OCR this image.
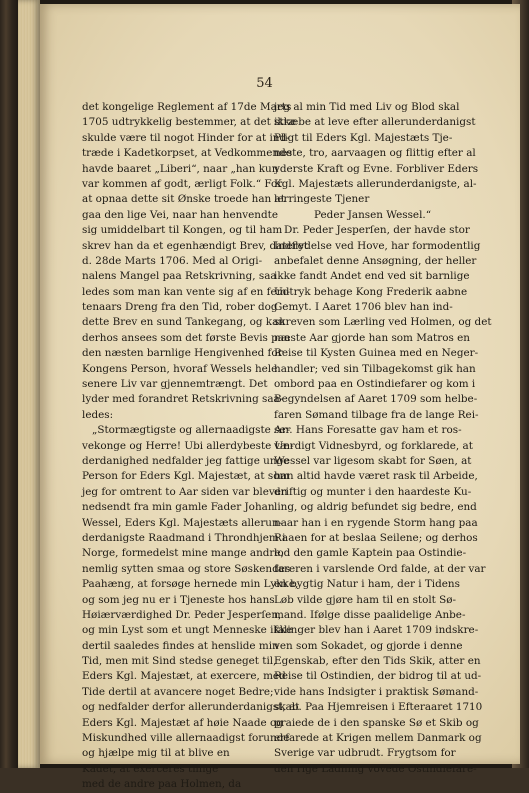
54
det kongelige Reglement af 17de Marts
1705 udtrykkelig bestemmer, at det ikke
skulde være til nogot Hinder for at ind-
træde i Kadetkorpset, at Vedkommende
havde baaret „Liberi“, naar „han kun
var kommen af godt, ærligt Folk.“ For
at opnaa dette sit Ønske troede han at
gaa den lige Vei, naar han henvendte
sig umiddelbart til Kongen, og til ham
skrev han da et egenhændigt Brev, dateret
d. 28de Marts 1706. Med al Origi-
nalens Mangel paa Retskrivning, saa
ledes som man kan vente sig af en fem-
tenaars Dreng fra den Tid, rober dog
dette Brev en sund Tankegang, og kan
derhos ansees som det første Bevis paa
den næsten barnlige Hengivenhed for
Kongens Person, hvoraf Wessels hele
senere Liv var gjennemtrængt. Det
lyder med forandret Retskrivning saa-
ledes:
„Stormægtigste og allernaadigste Ar-
vekonge og Herre! Ubi allerdybeste Un-
derdanighed nedfalder jeg fattige unge
Person for Eders Kgl. Majestæt, at som
jeg for omtrent to Aar siden var bleven
nedsendt fra min gamle Fader Johan
Wessel, Eders Kgl. Majestæts allerun-
derdanigste Raadmand i Throndhjem i
Norge, formedelst mine mange andre,
nemlig sytten smaa og store Søskendes
Paahæng, at forsøge hernede min Lykke,
og som jeg nu er i Tjeneste hos hans
Høiærværdighed Dr. Peder Jesperſen,
og min Lyst som et ungt Menneske ikke
dertil saaledes findes at henslide min
Tid, men mit Sind stedse geneget til,
Eders Kgl. Majestæt, at exercere, med
Tide dertil at avancere noget Bedre;
og nedfalder derfor allerunderdanigst, at
Eders Kgl. Majestæt af høie Naade og
Miskundhed ville allernaadigst forunde
og hjælpe mig til at blive en
Kadet, at exerceres tillige
med de andre paa Holmen, da
jeg al min Tid med Liv og Blod skal
stræbe at leve efter allerunderdanigst
Pligt til Eders Kgl. Majestæts Tje-
neste, tro, aarvaagen og flittig efter al
yderste Kraft og Evne. Forbliver Eders
Kgl. Majestæts allerunderdanigste, al-
lerringeste Tjener
Peder Jansen Wessel.“
Dr. Peder Jesperſen, der havde stor
Indflydelse ved Hove, har formodentlig
anbefalet denne Ansøgning, der heller
ikke fandt Andet end ved sit barnlige
Udtryk behage Kong Frederik aabne
Gemyt. I Aaret 1706 blev han ind-
skreven som Lærling ved Holmen, og det
næste Aar gjorde han som Matros en
Reise til Kysten Guinea med en Neger-
handler; ved sin Tilbagekomst gik han
ombord paa en Ostindiefarer og kom i
Begyndelsen af Aaret 1709 som helbe-
faren Sømand tilbage fra de lange Rei-
ser. Hans Foresatte gav ham et ros-
værdigt Vidnesbyrd, og forklarede, at
Wessel var ligesom skabt for Søen, at
han altid havde været rask til Arbeide,
driftig og munter i den haardeste Ku-
ling, og aldrig befundet sig bedre, end
naar han i en rygende Storm hang paa
Raaen for at beslaa Seilene; og derhos
lod den gamle Kaptein paa Ostindie-
fareren i varslende Ord falde, at der var
en bygtig Natur i ham, der i Tidens
Løb vilde gjøre ham til en stolt Sø-
mand. Ifølge disse paalidelige Anbe-
falinger blev han i Aaret 1709 indskre-
ven som Sokadet, og gjorde i denne
Egenskab, efter den Tids Skik, atter en
Reise til Ostindien, der bidrog til at ud-
vide hans Indsigter i praktisk Sømand-
skab. Paa Hjemreisen i Efteraaret 1710
praiede de i den spanske Sø et Skib og
erfarede at Krigen mellem Danmark og
Sverige var udbrudt. Frygtsom for
den rige Ladning vovede Ostindiefare-
